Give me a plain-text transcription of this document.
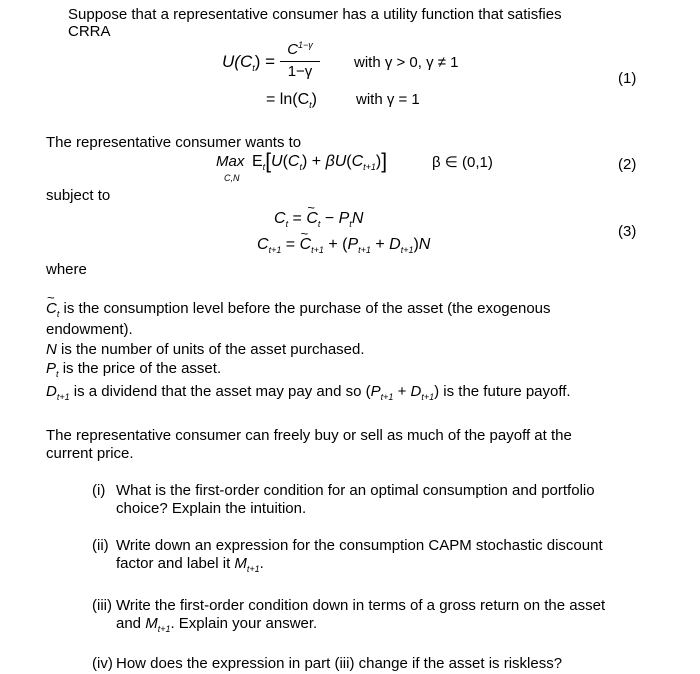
Suppose that a representative consumer has a utility function that satisfies
CRRA
$U(C_t)$ =
$C^{1-\gamma}$
1−γ
with γ > 0, γ ≠ 1
= $\ln(C_t)$	with γ = 1
(1)
The representative consumer wants to
Max
C,N
$E_t[U(C_t) + \beta U(C_{t+1})]$	β ∈ (0,1)	(2)
subject to
$C_t$ = ~ $C_t - P_tN$
$C_{t+1}$ = ~ $C_{t+1} + (P_{t+1} + D_{t+1})N$
(3)
where
~ $C_t$ is the consumption level before the purchase of the asset (the exogenous
endowment).
N is the number of units of the asset purchased.
$P_t$ is the price of the asset.
$D_{t+1}$ is a dividend that the asset may pay and so $(P_{t+1} + D_{t+1})$ is the future payoff.
The representative consumer can freely buy or sell as much of the payoff at the
current price.
(i) What is the first-order condition for an optimal consumption and portfolio
choice? Explain the intuition.
(ii) Write down an expression for the consumption CAPM stochastic discount
factor and label it $M_{t+1}$.
(iii) Write the first-order condition down in terms of a gross return on the asset
and $M_{t+1}$. Explain your answer.
(iv) How does the expression in part (iii) change if the asset is riskless?
